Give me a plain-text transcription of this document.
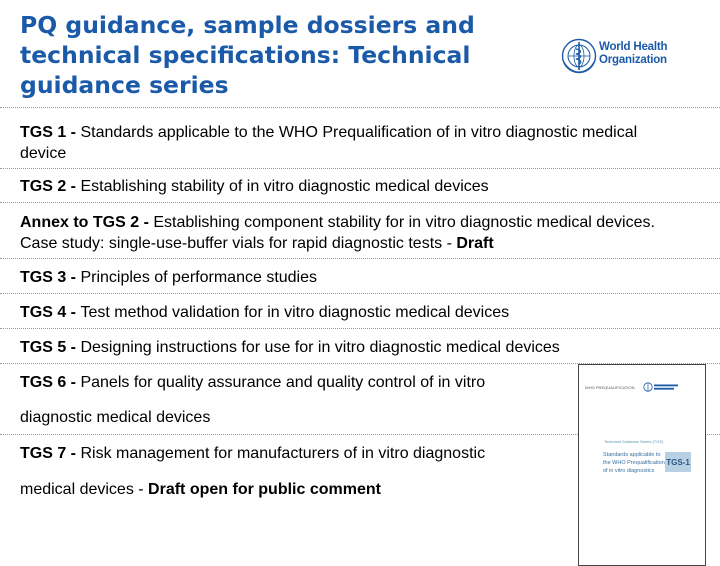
PQ guidance, sample dossiers and technical specifications: Technical guidance series
World Health
Organization
TGS 1 - Standards applicable to the WHO Prequalification of in vitro diagnostic medical device
TGS 2 - Establishing stability of in vitro diagnostic medical devices
Annex to TGS 2 - Establishing component stability for in vitro diagnostic medical devices. Case study: single-use-buffer vials for rapid diagnostic tests - Draft
TGS 3 - Principles of performance studies
TGS 4 - Test method validation for in vitro diagnostic medical devices
TGS 5 - Designing instructions for use for in vitro diagnostic medical devices
TGS 6 - Panels for quality assurance and quality control of in vitro
diagnostic medical devices
TGS 7 - Risk management for manufacturers of in vitro diagnostic
medical devices - Draft open for public comment
WHO PREQUALIFICATION
Technical Guidance Series (TGS)
Standards applicable to the WHO Prequalification of in vitro diagnostics
TGS-1
